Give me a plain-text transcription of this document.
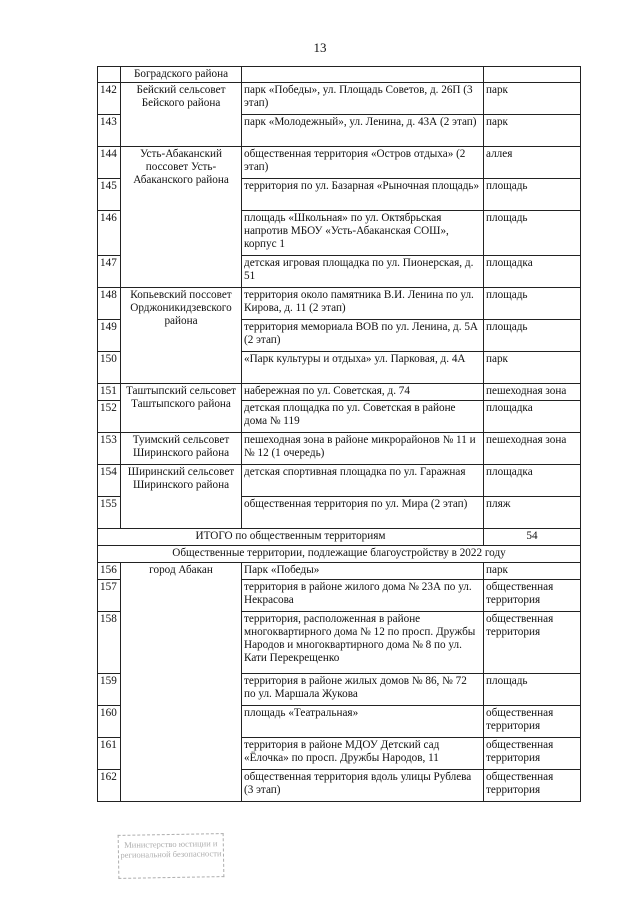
13
	Боградского района		
142	Бейский сельсовет Бейского района	парк «Победы», ул. Площадь Советов, д. 26П (3 этап)	парк
143		парк «Молодежный», ул. Ленина, д. 43А (2 этап)	парк
144	Усть-Абаканский поссовет Усть-Абаканского района	общественная территория «Остров отдыха» (2 этап)	аллея
145		территория по ул. Базарная «Рыночная площадь»	площадь
146		площадь «Школьная» по ул. Октябрьская напротив МБОУ «Усть-Абаканская СОШ», корпус 1	площадь
147		детская игровая площадка по ул. Пионерская, д. 51	площадка
148	Копьевский поссовет Орджоникидзевского района	территория около памятника В.И. Ленина по ул. Кирова, д. 11 (2 этап)	площадь
149		территория мемориала ВОВ по ул. Ленина, д. 5А (2 этап)	площадь
150		«Парк культуры и отдыха» ул. Парковая, д. 4А	парк
151	Таштыпский сельсовет Таштыпского района	набережная по ул. Советская, д. 74	пешеходная зона
152		детская площадка по ул. Советская в районе дома № 119	площадка
153	Туимский сельсовет Ширинского района	пешеходная зона в районе микрорайонов № 11 и № 12 (1 очередь)	пешеходная зона
154	Ширинский сельсовет Ширинского района	детская спортивная площадка по ул. Гаражная	площадка
155		общественная территория по ул. Мира (2 этап)	пляж
ИТОГО по общественным территориям			54
Общественные территории, подлежащие благоустройству в 2022 году			
156	город Абакан	Парк «Победы»	парк
157		территория в районе жилого дома № 23А по ул. Некрасова	общественная территория
158		территория, расположенная в районе многоквартирного дома № 12 по просп. Дружбы Народов и многоквартирного дома № 8 по ул. Кати Перекрещенко	общественная территория
159		территория в районе жилых домов № 86, № 72 по ул. Маршала Жукова	площадь
160		площадь «Театральная»	общественная территория
161		территория в районе МДОУ Детский сад «Ёлочка» по просп. Дружбы Народов, 11	общественная территория
162		общественная территория вдоль улицы Рублева (3 этап)	общественная территория
Министерство юстиции и региональной безопасности
